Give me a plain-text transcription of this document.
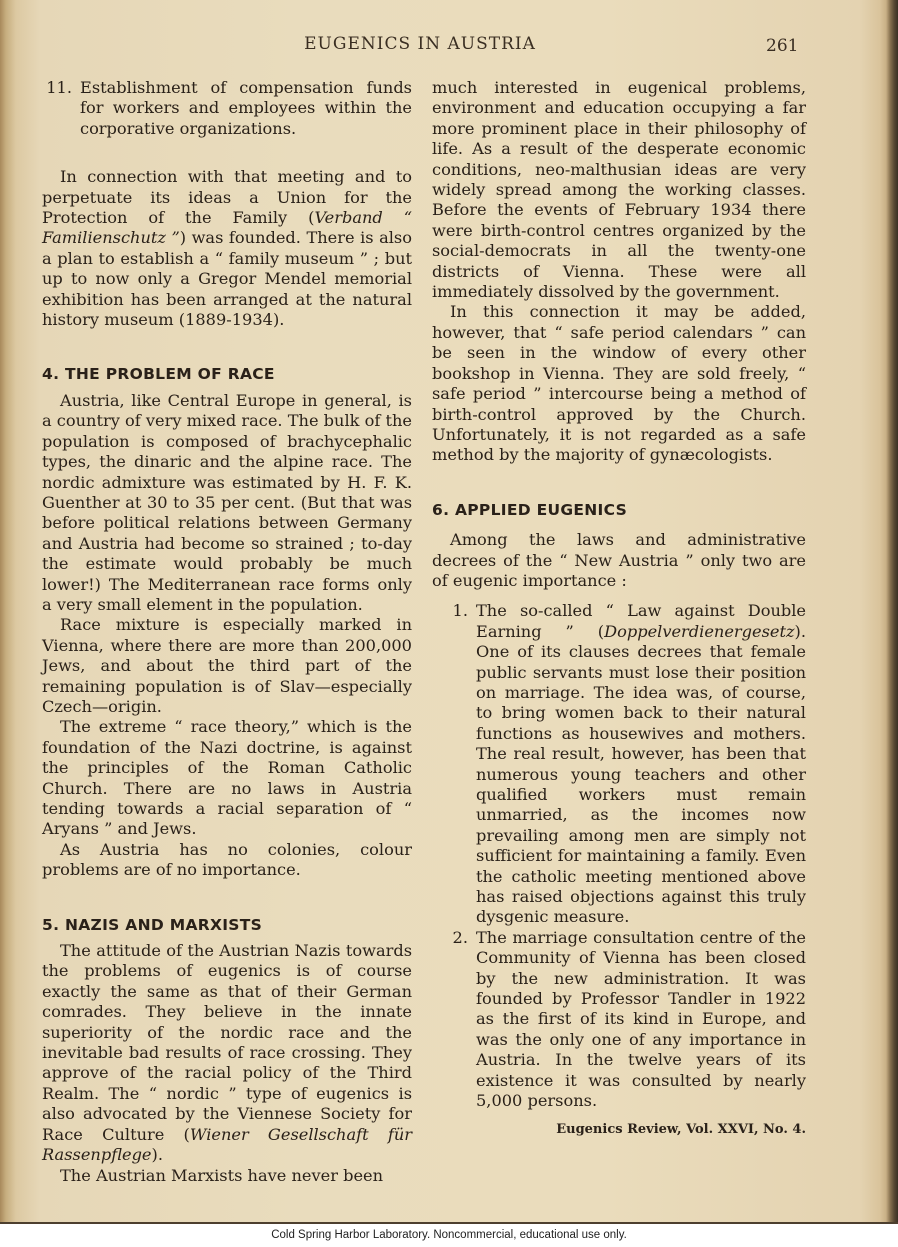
EUGENICS IN AUSTRIA	261
11. Establishment of compensation funds for workers and employees within the corporative organizations.

In connection with that meeting and to perpetuate its ideas a Union for the Protection of the Family (Verband “ Familienschutz ”) was founded. There is also a plan to establish a “ family museum ” ; but up to now only a Gregor Mendel memorial exhibition has been arranged at the natural history museum (1889-1934).

4. THE PROBLEM OF RACE

Austria, like Central Europe in general, is a country of very mixed race. The bulk of the population is composed of brachycephalic types, the dinaric and the alpine race. The nordic admixture was estimated by H. F. K. Guenther at 30 to 35 per cent. (But that was before political relations between Germany and Austria had become so strained ; to-day the estimate would probably be much lower!) The Mediterranean race forms only a very small element in the population.

Race mixture is especially marked in Vienna, where there are more than 200,000 Jews, and about the third part of the remaining population is of Slav—especially Czech—origin.

The extreme “ race theory,” which is the foundation of the Nazi doctrine, is against the principles of the Roman Catholic Church. There are no laws in Austria tending towards a racial separation of “ Aryans ” and Jews.

As Austria has no colonies, colour problems are of no importance.

5. NAZIS AND MARXISTS

The attitude of the Austrian Nazis towards the problems of eugenics is of course exactly the same as that of their German comrades. They believe in the innate superiority of the nordic race and the inevitable bad results of race crossing. They approve of the racial policy of the Third Realm. The “ nordic ” type of eugenics is also advocated by the Viennese Society for Race Culture (Wiener Gesellschaft für Rassenpflege).

The Austrian Marxists have never been

much interested in eugenical problems, environment and education occupying a far more prominent place in their philosophy of life. As a result of the desperate economic conditions, neo-malthusian ideas are very widely spread among the working classes. Before the events of February 1934 there were birth-control centres organized by the social-democrats in all the twenty-one districts of Vienna. These were all immediately dissolved by the government.

In this connection it may be added, however, that “ safe period calendars ” can be seen in the window of every other bookshop in Vienna. They are sold freely, “ safe period ” intercourse being a method of birth-control approved by the Church. Unfortunately, it is not regarded as a safe method by the majority of gynæcologists.

6. APPLIED EUGENICS

Among the laws and administrative decrees of the “ New Austria ” only two are of eugenic importance :

1. The so-called “ Law against Double Earning ” (Doppelverdienergesetz). One of its clauses decrees that female public servants must lose their position on marriage. The idea was, of course, to bring women back to their natural functions as housewives and mothers. The real result, however, has been that numerous young teachers and other qualified workers must remain unmarried, as the incomes now prevailing among men are simply not sufficient for maintaining a family. Even the catholic meeting mentioned above has raised objections against this truly dysgenic measure.
2. The marriage consultation centre of the Community of Vienna has been closed by the new administration. It was founded by Professor Tandler in 1922 as the first of its kind in Europe, and was the only one of any importance in Austria. In the twelve years of its existence it was consulted by nearly 5,000 persons.
Eugenics Review, Vol. XXVI, No. 4.
Cold Spring Harbor Laboratory. Noncommercial, educational use only.
